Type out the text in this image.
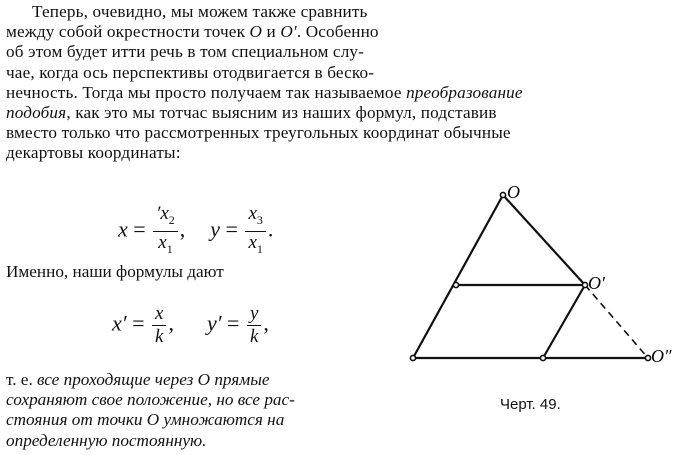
Теперь, очевидно, мы можем также сравнить
между собой окрестности точек O и O′. Особенно
об этом будет итти речь в том специальном слу-
чае, когда ось перспективы отодвигается в беско-
нечность. Тогда мы просто получаем так называемое преобразование
подобия, как это мы тотчас выясним из наших формул, подставив
вместо только что рассмотренных треугольных координат обычные
декартовы координаты:
$x = \frac{'x_2}{x_1}$ , $y = \frac{x_3}{x_1}$ .
Именно, наши формулы дают
$x' = \frac{x}{k}$ , $y' = \frac{y}{k}$ ,
т. е. все проходящие через O прямые
сохраняют свое положение, но все рас-
стояния от точки O умножаются на
определенную постоянную.
O
O′
O″
Черт. 49.
